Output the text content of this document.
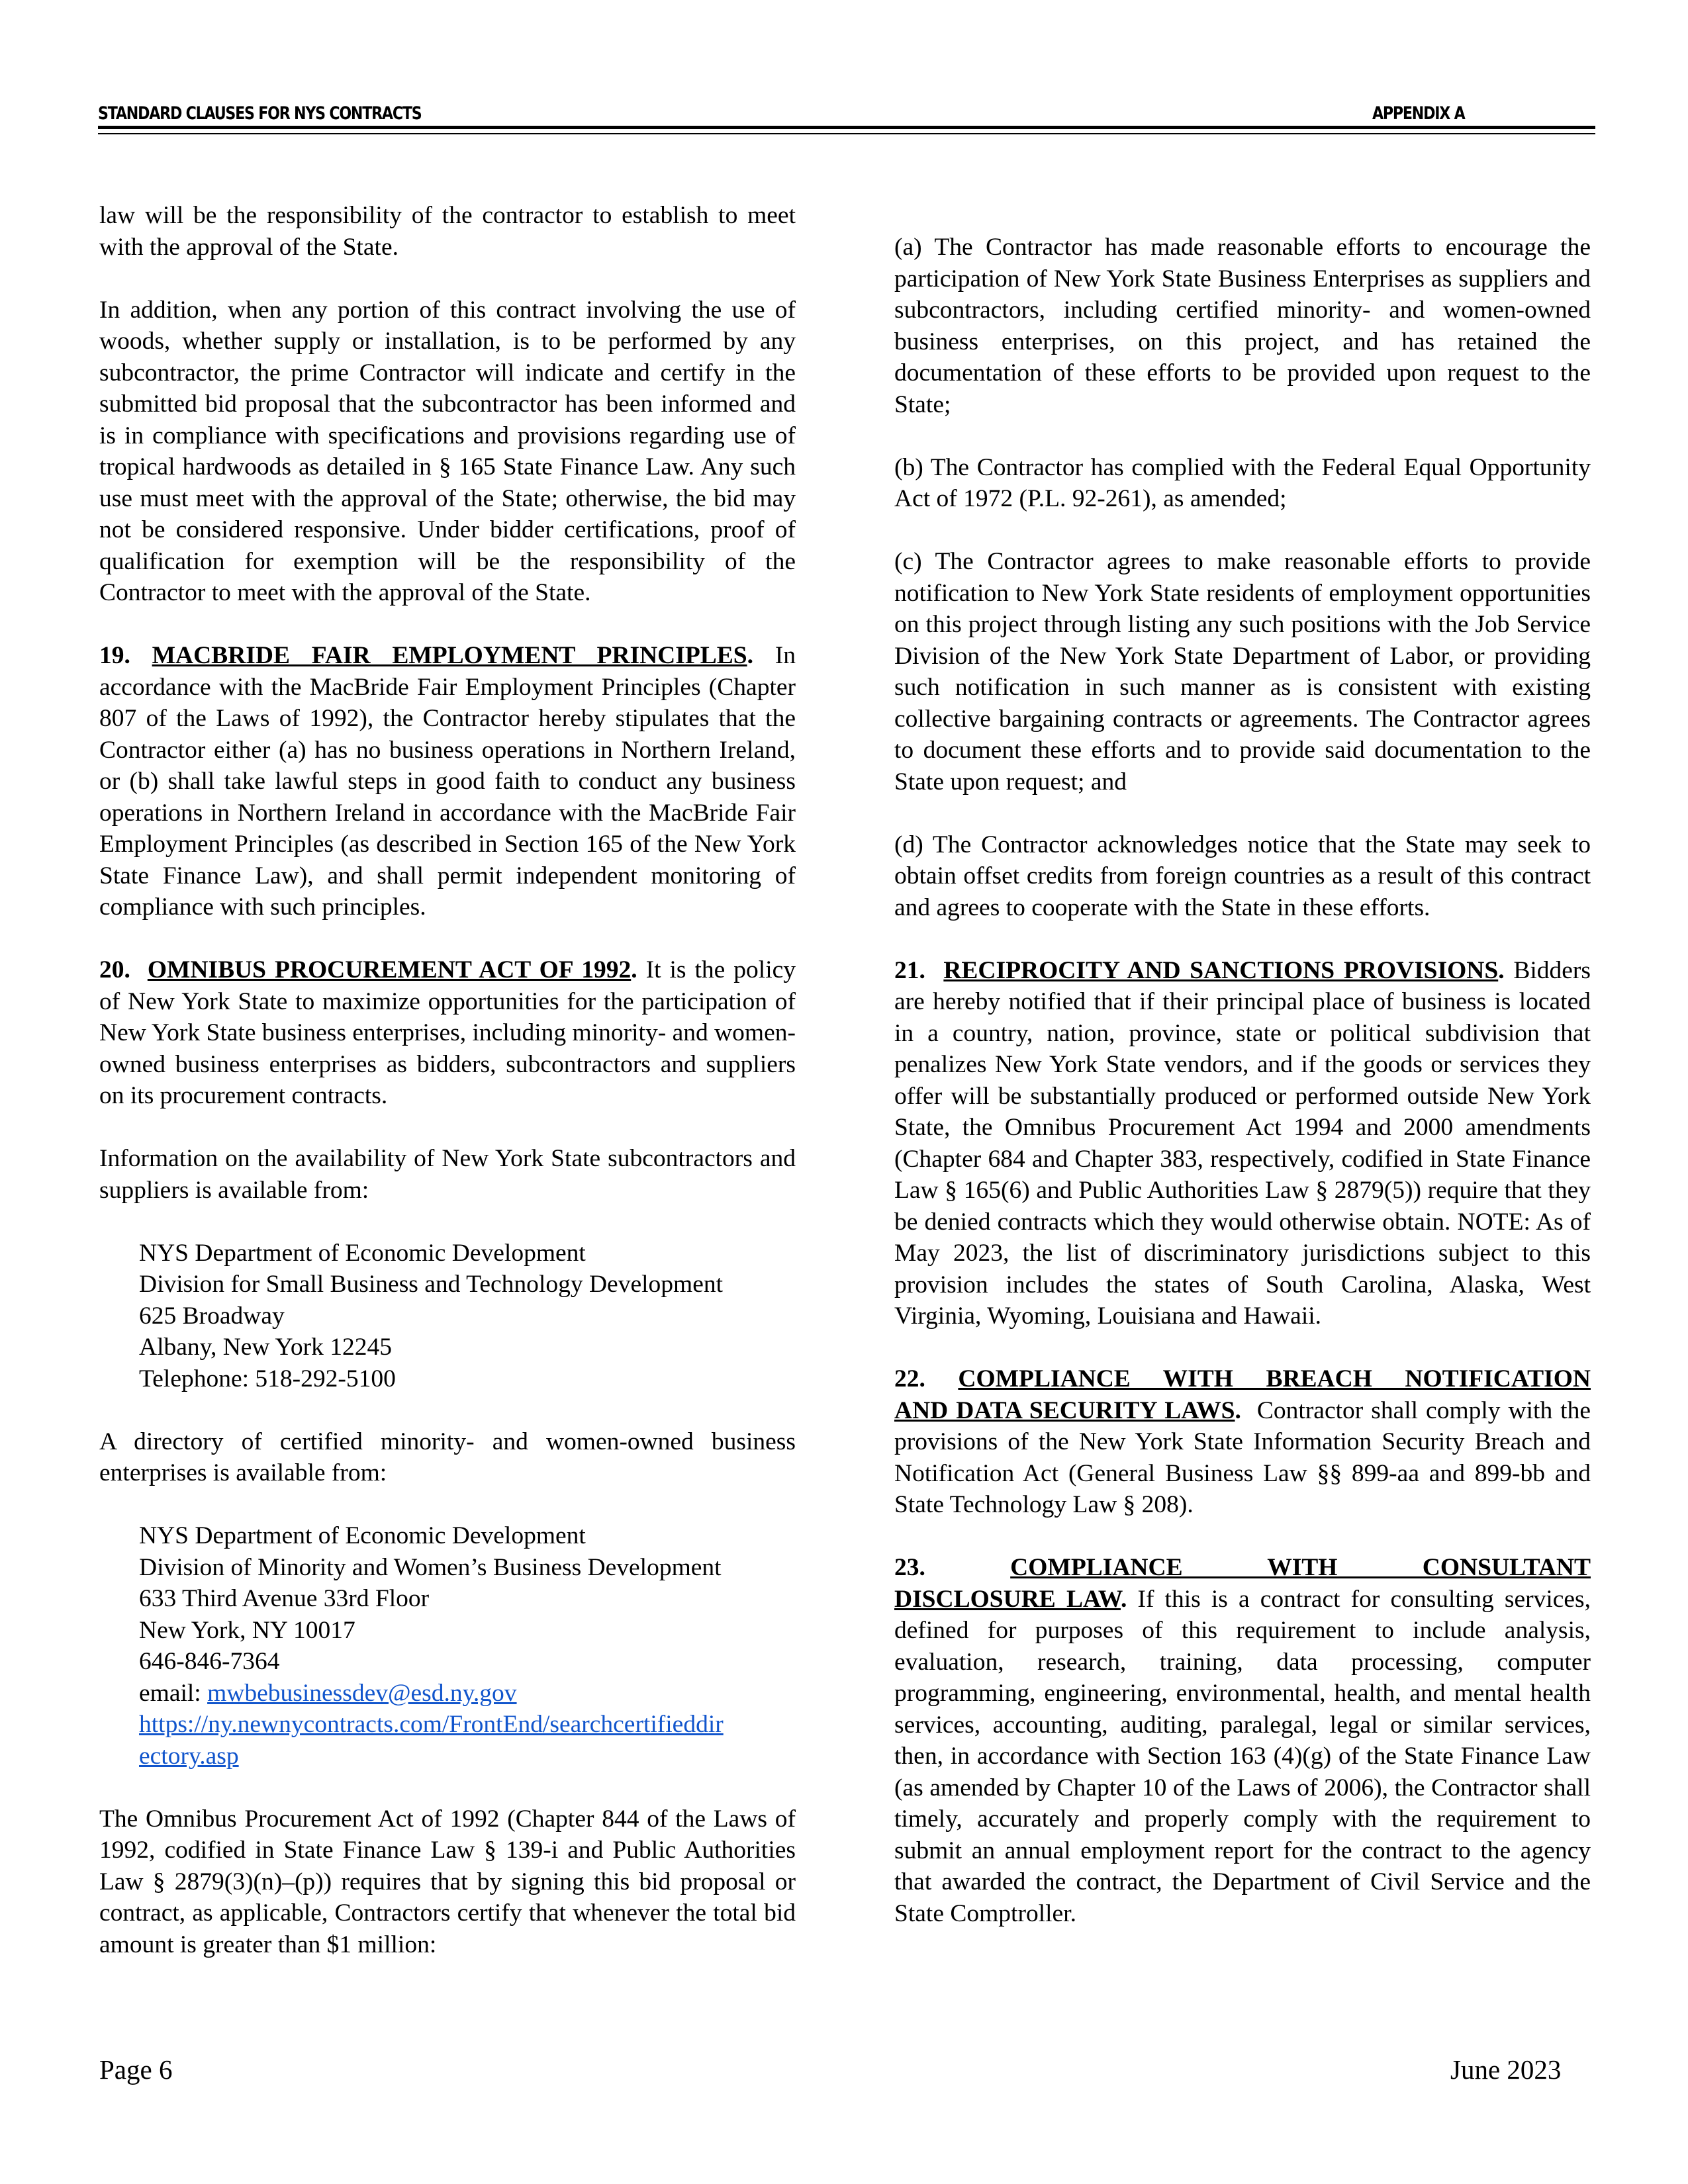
STANDARD CLAUSES FOR NYS CONTRACTS	APPENDIX A

law will be the responsibility of the contractor to establish to meet with the approval of the State.

In addition, when any portion of this contract involving the use of woods, whether supply or installation, is to be performed by any subcontractor, the prime Contractor will indicate and certify in the submitted bid proposal that the subcontractor has been informed and is in compliance with specifications and provisions regarding use of tropical hardwoods as detailed in § 165 State Finance Law. Any such use must meet with the approval of the State; otherwise, the bid may not be considered responsive. Under bidder certifications, proof of qualification for exemption will be the responsibility of the Contractor to meet with the approval of the State.

19. MACBRIDE FAIR EMPLOYMENT PRINCIPLES. In accordance with the MacBride Fair Employment Principles (Chapter 807 of the Laws of 1992), the Contractor hereby stipulates that the Contractor either (a) has no business operations in Northern Ireland, or (b) shall take lawful steps in good faith to conduct any business operations in Northern Ireland in accordance with the MacBride Fair Employment Principles (as described in Section 165 of the New York State Finance Law), and shall permit independent monitoring of compliance with such principles.

20. OMNIBUS PROCUREMENT ACT OF 1992. It is the policy of New York State to maximize opportunities for the participation of New York State business enterprises, including minority- and women-owned business enterprises as bidders, subcontractors and suppliers on its procurement contracts.

Information on the availability of New York State subcontractors and suppliers is available from:

NYS Department of Economic Development
Division for Small Business and Technology Development
625 Broadway
Albany, New York 12245
Telephone: 518-292-5100

A directory of certified minority- and women-owned business enterprises is available from:

NYS Department of Economic Development
Division of Minority and Women’s Business Development
633 Third Avenue 33rd Floor
New York, NY 10017
646-846-7364
email: mwbebusinessdev@esd.ny.gov
https://ny.newnycontracts.com/FrontEnd/searchcertifieddir
ectory.asp

The Omnibus Procurement Act of 1992 (Chapter 844 of the Laws of 1992, codified in State Finance Law § 139-i and Public Authorities Law § 2879(3)(n)–(p)) requires that by signing this bid proposal or contract, as applicable, Contractors certify that whenever the total bid amount is greater than $1 million:

(a) The Contractor has made reasonable efforts to encourage the participation of New York State Business Enterprises as suppliers and subcontractors, including certified minority- and women-owned business enterprises, on this project, and has retained the documentation of these efforts to be provided upon request to the State;

(b) The Contractor has complied with the Federal Equal Opportunity Act of 1972 (P.L. 92-261), as amended;

(c) The Contractor agrees to make reasonable efforts to provide notification to New York State residents of employment opportunities on this project through listing any such positions with the Job Service Division of the New York State Department of Labor, or providing such notification in such manner as is consistent with existing collective bargaining contracts or agreements. The Contractor agrees to document these efforts and to provide said documentation to the State upon request; and

(d) The Contractor acknowledges notice that the State may seek to obtain offset credits from foreign countries as a result of this contract and agrees to cooperate with the State in these efforts.

21. RECIPROCITY AND SANCTIONS PROVISIONS. Bidders are hereby notified that if their principal place of business is located in a country, nation, province, state or political subdivision that penalizes New York State vendors, and if the goods or services they offer will be substantially produced or performed outside New York State, the Omnibus Procurement Act 1994 and 2000 amendments (Chapter 684 and Chapter 383, respectively, codified in State Finance Law § 165(6) and Public Authorities Law § 2879(5)) require that they be denied contracts which they would otherwise obtain. NOTE: As of May 2023, the list of discriminatory jurisdictions subject to this provision includes the states of South Carolina, Alaska, West Virginia, Wyoming, Louisiana and Hawaii.

22. COMPLIANCE WITH BREACH NOTIFICATION
AND DATA SECURITY LAWS. Contractor shall comply with the provisions of the New York State Information Security Breach and Notification Act (General Business Law §§ 899-aa and 899-bb and State Technology Law § 208).
23.	COMPLIANCE WITH CONSULTANT
DISCLOSURE LAW. If this is a contract for consulting services, defined for purposes of this requirement to include analysis, evaluation, research, training, data processing, computer programming, engineering, environmental, health, and mental health services, accounting, auditing, paralegal, legal or similar services, then, in accordance with Section 163 (4)(g) of the State Finance Law (as amended by Chapter 10 of the Laws of 2006), the Contractor shall timely, accurately and properly comply with the requirement to submit an annual employment report for the contract to the agency that awarded the contract, the Department of Civil Service and the State Comptroller.
Page 6	June 2023
